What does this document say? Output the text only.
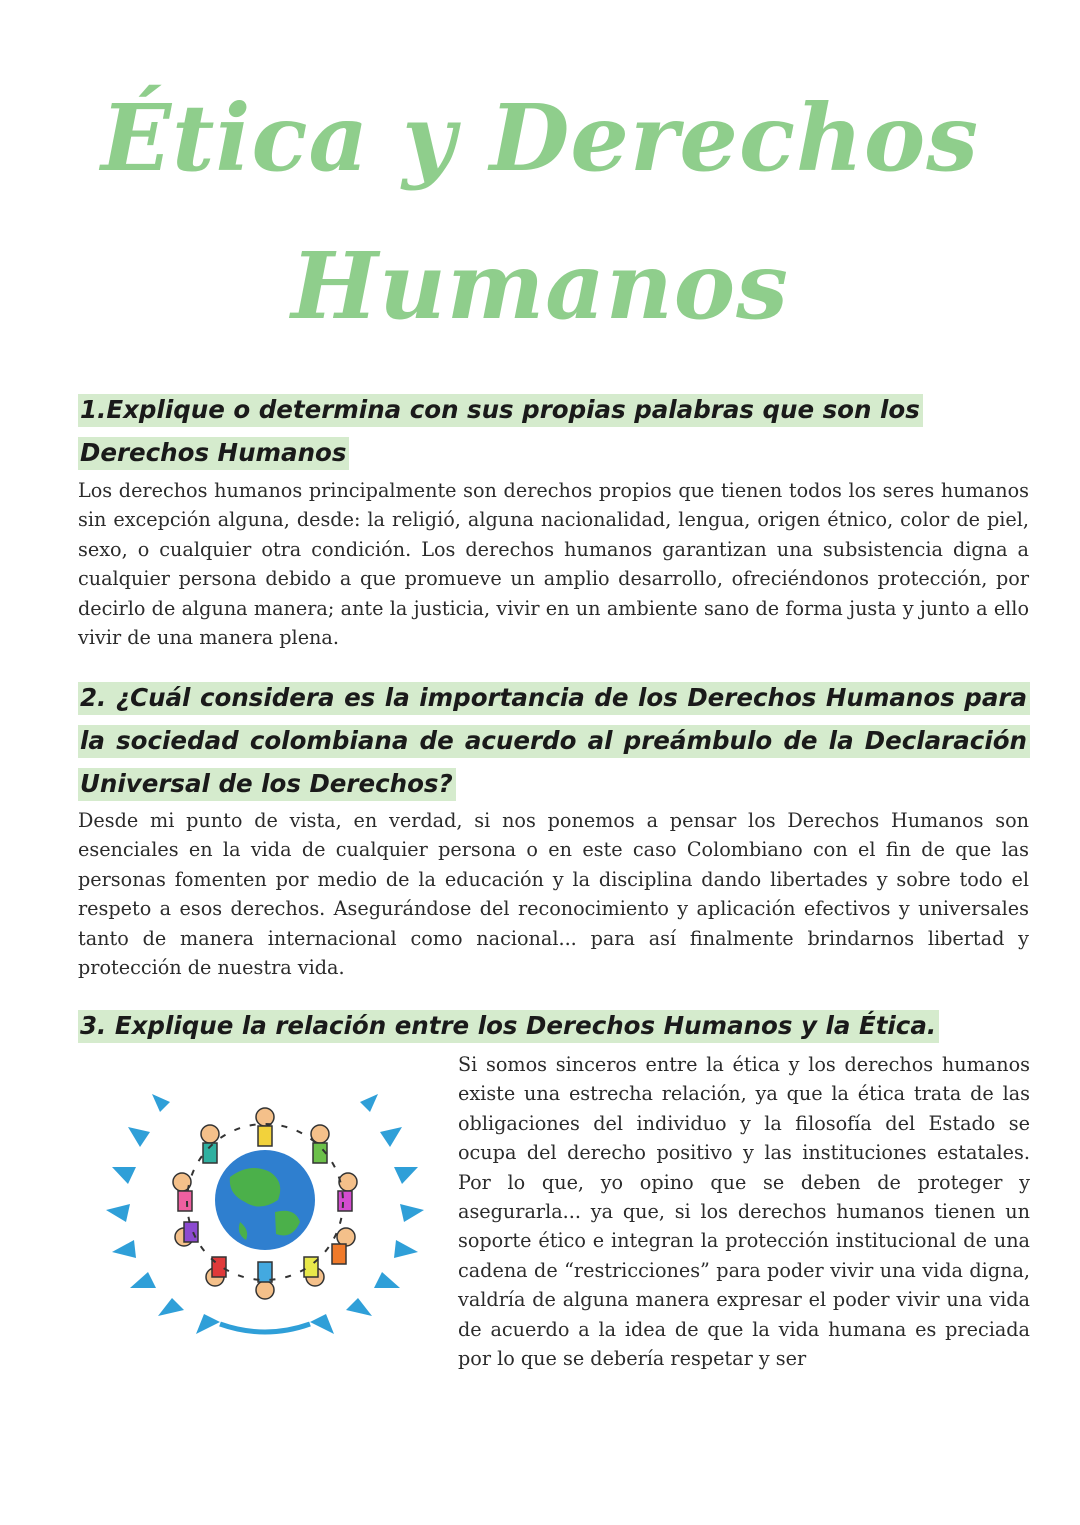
Ética y Derechos
Humanos
1.Explique o determina con sus propias palabras que son los Derechos Humanos
Los derechos humanos principalmente son derechos propios que tienen todos los seres humanos sin excepción alguna, desde: la religió, alguna nacionalidad, lengua, origen étnico, color de piel, sexo, o cualquier otra condición. Los derechos humanos garantizan una subsistencia digna a cualquier persona debido a que promueve un amplio desarrollo, ofreciéndonos protección, por decirlo de alguna manera; ante la justicia, vivir en un ambiente sano de forma justa y junto a ello vivir de una manera plena.
2. ¿Cuál considera es la importancia de los Derechos Humanos para la sociedad colombiana de acuerdo al preámbulo de la Declaración Universal de los Derechos?
Desde mi punto de vista, en verdad, si nos ponemos a pensar los Derechos Humanos son esenciales en la vida de cualquier persona o en este caso Colombiano con el fin de que las personas fomenten por medio de la educación y la disciplina dando libertades y sobre todo el respeto a esos derechos. Asegurándose del reconocimiento y aplicación efectivos y universales tanto de manera internacional como nacional... para así finalmente brindarnos libertad y protección de nuestra vida.
3. Explique la relación entre los Derechos Humanos y la Ética.
Si somos sinceros entre la ética y los derechos humanos existe una estrecha relación, ya que la ética trata de las obligaciones del individuo y la filosofía del Estado se ocupa del derecho positivo y las instituciones estatales. Por lo que, yo opino que se deben de proteger y asegurarla... ya que, si los derechos humanos tienen un soporte ético e integran la protección institucional de una cadena de “restricciones” para poder vivir una vida digna, valdría de alguna manera expresar el poder vivir una vida de acuerdo a la idea de que la vida humana es preciada por lo que se debería respetar y ser
